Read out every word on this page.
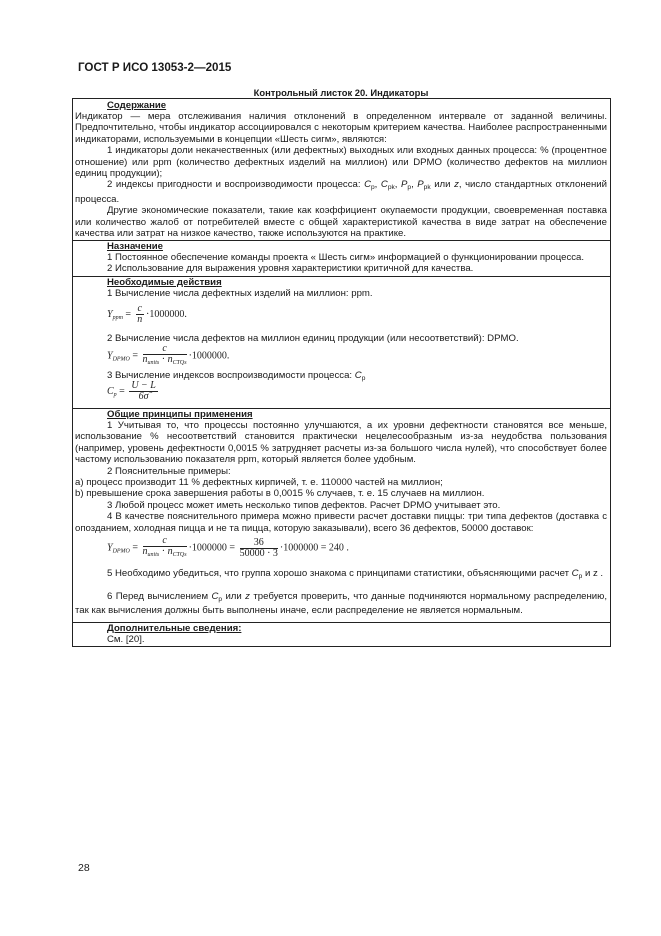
ГОСТ Р ИСО 13053-2—2015
Контрольный листок 20. Индикаторы
Содержание
Индикатор — мера отслеживания наличия отклонений в определенном интервале от заданной величины. Предпочтительно, чтобы индикатор ассоциировался с некоторым критерием качества. Наиболее распространенными индикаторами, используемыми в концепции «Шесть сигм», являются:
1 индикаторы доли некачественных (или дефектных) выходных или входных данных процесса: % (процентное отношение) или ppm (количество дефектных изделий на миллион) или DPMO (количество дефектов на миллион единиц продукции);
2 индексы пригодности и воспроизводимости процесса: $C_p$, $C_{pk}$, $P_p$, $P_{pk}$ или z, число стандартных отклонений процесса.
Другие экономические показатели, такие как коэффициент окупаемости продукции, своевременная поставка или количество жалоб от потребителей вместе с общей характеристикой качества в виде затрат на обеспечение качества или затрат на низкое качество, также используются на практике.
Назначение
1 Постоянное обеспечение команды проекта « Шесть сигм» информацией о функционировании процесса.
2 Использование для выражения уровня характеристики критичной для качества.
Необходимые действия
1 Вычисление числа дефектных изделий на миллион: ppm.
$Y_{ppm} = \frac{c}{n} \cdot 1000000$.
2 Вычисление числа дефектов на миллион единиц продукции (или несоответствий): DPMO.
$Y_{DPMO} = \frac{c}{n_{units} \cdot n_{CTQs}} \cdot 1000000$.
3 Вычисление индексов воспроизводимости процесса: $C_p$
$C_p = \frac{U - L}{6\sigmâ}$
Общие принципы применения
1 Учитывая то, что процессы постоянно улучшаются, а их уровни дефектности становятся все меньше, использование % несоответствий становится практически нецелесообразным из-за неудобства пользования (например, уровень дефектности 0,0015 % затрудняет расчеты из-за большого числа нулей), что способствует более частому использованию показателя ppm, который является более удобным.
2 Пояснительные примеры:
а) процесс производит 11 % дефектных кирпичей, т. е. 110000 частей на миллион;
b) превышение срока завершения работы в 0,0015 % случаев, т. е. 15 случаев на миллион.
3 Любой процесс может иметь несколько типов дефектов. Расчет DPMO учитывает это.
4 В качестве пояснительного примера можно привести расчет доставки пиццы: три типа дефектов (доставка с опозданием, холодная пицца и не та пицца, которую заказывали), всего 36 дефектов, 50000 доставок:
$Y_{DPMO} = \frac{c}{n_{units} \cdot n_{CTQs}} \cdot 1000000 = \frac{36}{50000 \cdot 3} \cdot 1000000 = 240$ .
5 Необходимо убедиться, что группа хорошо знакома с принципами статистики, объясняющими расчет $C_p$ и z .
6 Перед вычислением $C_p$ или z требуется проверить, что данные подчиняются нормальному распределению, так как вычисления должны быть выполнены иначе, если распределение не является нормальным.
Дополнительные сведения:
См. [20].
28
